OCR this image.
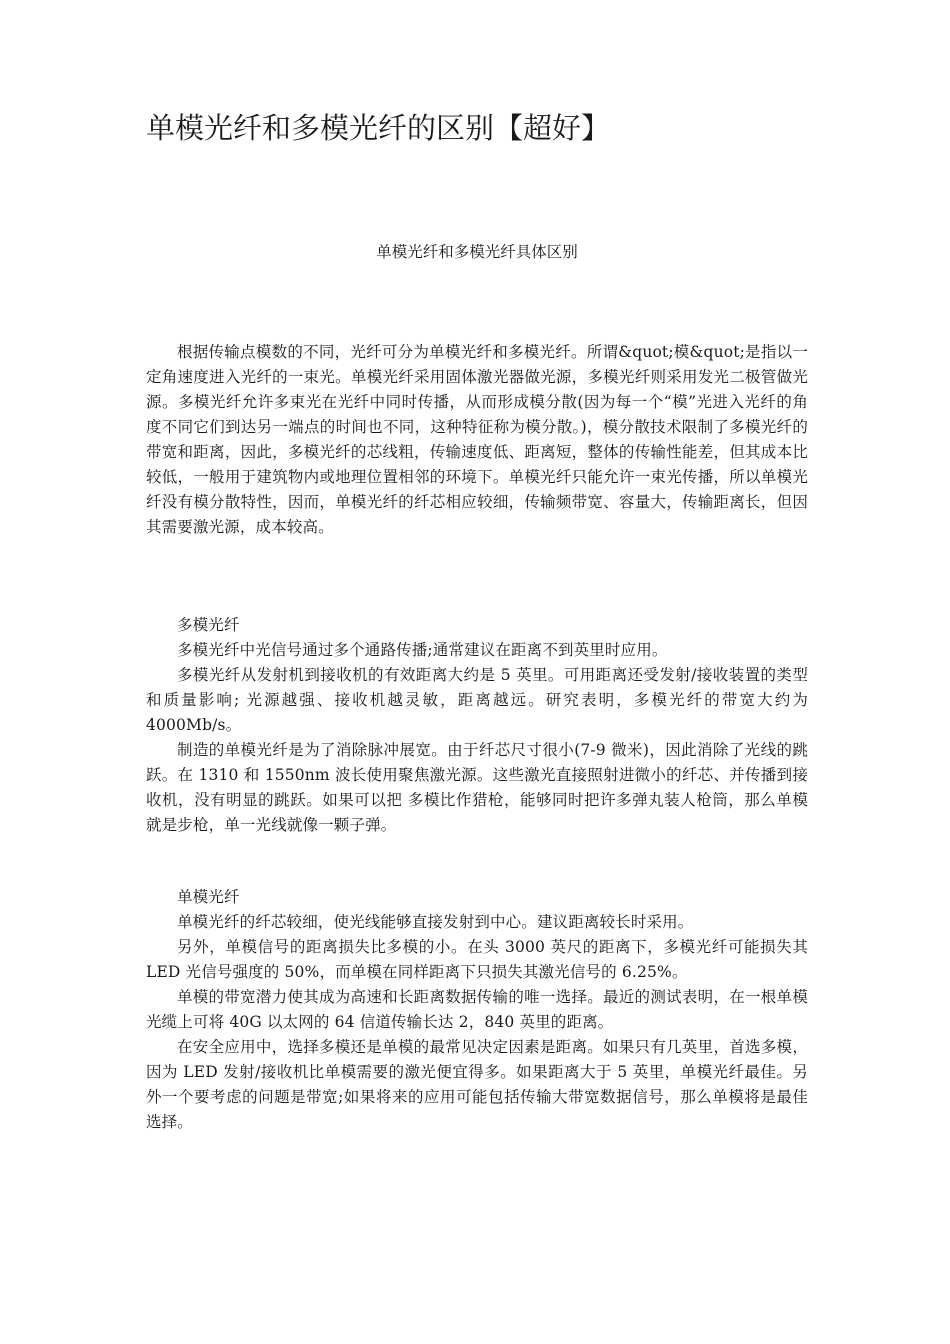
单模光纤和多模光纤的区别【超好】
单模光纤和多模光纤具体区别

根据传输点模数的不同，光纤可分为单模光纤和多模光纤。所谓&quot;模&quot;是指以一定角速度进入光纤的一束光。单模光纤采用固体激光器做光源，多模光纤则采用发光二极管做光源。多模光纤允许多束光在光纤中同时传播，从而形成模分散(因为每一个“模”光进入光纤的角度不同它们到达另一端点的时间也不同，这种特征称为模分散。)，模分散技术限制了多模光纤的带宽和距离，因此，多模光纤的芯线粗，传输速度低、距离短，整体的传输性能差，但其成本比较低，一般用于建筑物内或地理位置相邻的环境下。单模光纤只能允许一束光传播，所以单模光纤没有模分散特性，因而，单模光纤的纤芯相应较细，传输频带宽、容量大，传输距离长，但因其需要激光源，成本较高。

多模光纤

多模光纤中光信号通过多个通路传播;通常建议在距离不到英里时应用。

多模光纤从发射机到接收机的有效距离大约是 5 英里。可用距离还受发射/接收装置的类型和质量影响; 光源越强、接收机越灵敏，距离越远。研究表明，多模光纤的带宽大约为 4000Mb/s。

制造的单模光纤是为了消除脉冲展宽。由于纤芯尺寸很小(7-9 微米)，因此消除了光线的跳跃。在 1310 和 1550nm 波长使用聚焦激光源。这些激光直接照射进微小的纤芯、并传播到接收机，没有明显的跳跃。如果可以把 多模比作猎枪，能够同时把许多弹丸装人枪筒，那么单模就是步枪，单一光线就像一颗子弹。

单模光纤

单模光纤的纤芯较细，使光线能够直接发射到中心。建议距离较长时采用。

另外，单模信号的距离损失比多模的小。在头 3000 英尺的距离下，多模光纤可能损失其 LED 光信号强度的 50%，而单模在同样距离下只损失其激光信号的 6.25%。

单模的带宽潜力使其成为高速和长距离数据传输的唯一选择。最近的测试表明，在一根单模光缆上可将 40G 以太网的 64 信道传输长达 2，840 英里的距离。

在安全应用中，选择多模还是单模的最常见决定因素是距离。如果只有几英里，首选多模，因为 LED 发射/接收机比单模需要的激光便宜得多。如果距离大于 5 英里，单模光纤最佳。另外一个要考虑的问题是带宽;如果将来的应用可能包括传输大带宽数据信号，那么单模将是最佳选择。
